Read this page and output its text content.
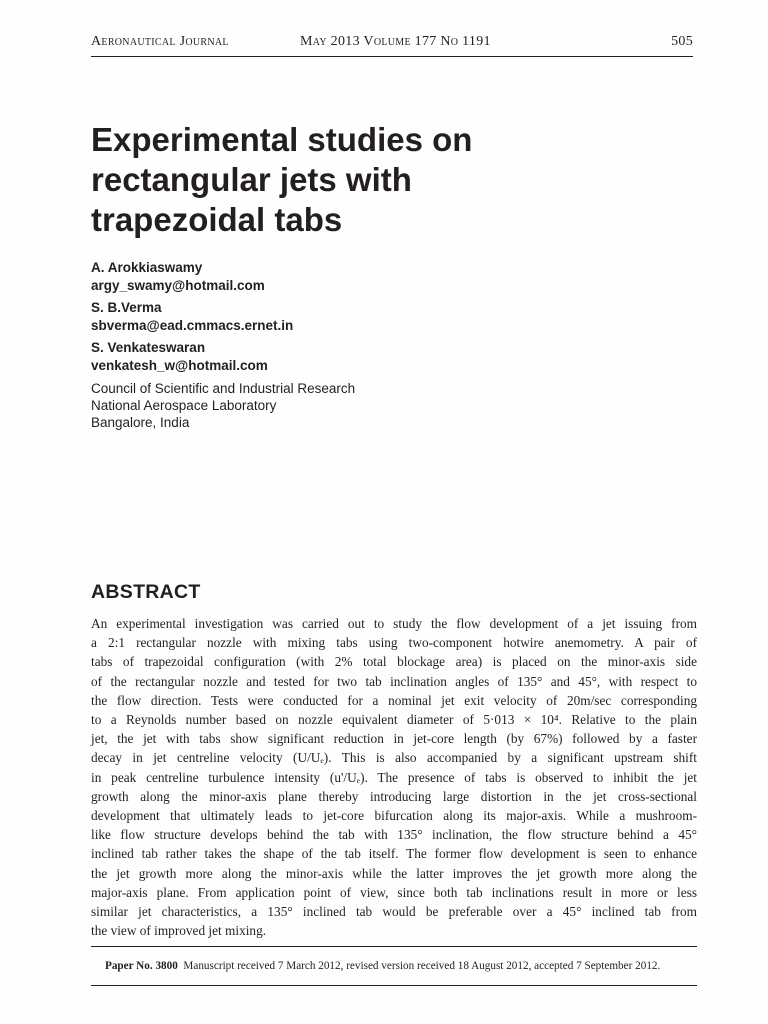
Aeronautical Journal	May 2013 Volume 177 No 1191	505
Experimental studies on
rectangular jets with
trapezoidal tabs
A. Arokkiaswamy
argy_swamy@hotmail.com
S. B.Verma
sbverma@ead.cmmacs.ernet.in
S. Venkateswaran
venkatesh_w@hotmail.com
Council of Scientific and Industrial Research
National Aerospace Laboratory
Bangalore, India
ABSTRACT
An experimental investigation was carried out to study the flow development of a jet issuing from
a 2:1 rectangular nozzle with mixing tabs using two-component hotwire anemometry. A pair of
tabs of trapezoidal configuration (with 2% total blockage area) is placed on the minor-axis side
of the rectangular nozzle and tested for two tab inclination angles of 135° and 45°, with respect to
the flow direction. Tests were conducted for a nominal jet exit velocity of 20m/sec corresponding
to a Reynolds number based on nozzle equivalent diameter of 5·013 × 10⁴. Relative to the plain
jet, the jet with tabs show significant reduction in jet-core length (by 67%) followed by a faster
decay in jet centreline velocity (U/Uₑ). This is also accompanied by a significant upstream shift
in peak centreline turbulence intensity (u'/Uₑ). The presence of tabs is observed to inhibit the jet
growth along the minor-axis plane thereby introducing large distortion in the jet cross-sectional
development that ultimately leads to jet-core bifurcation along its major-axis. While a mushroom-
like flow structure develops behind the tab with 135° inclination, the flow structure behind a 45°
inclined tab rather takes the shape of the tab itself. The former flow development is seen to enhance
the jet growth more along the minor-axis while the latter improves the jet growth more along the
major-axis plane. From application point of view, since both tab inclinations result in more or less
similar jet characteristics, a 135° inclined tab would be preferable over a 45° inclined tab from
the view of improved jet mixing.
Paper No. 3800 Manuscript received 7 March 2012, revised version received 18 August 2012, accepted 7 September 2012.
